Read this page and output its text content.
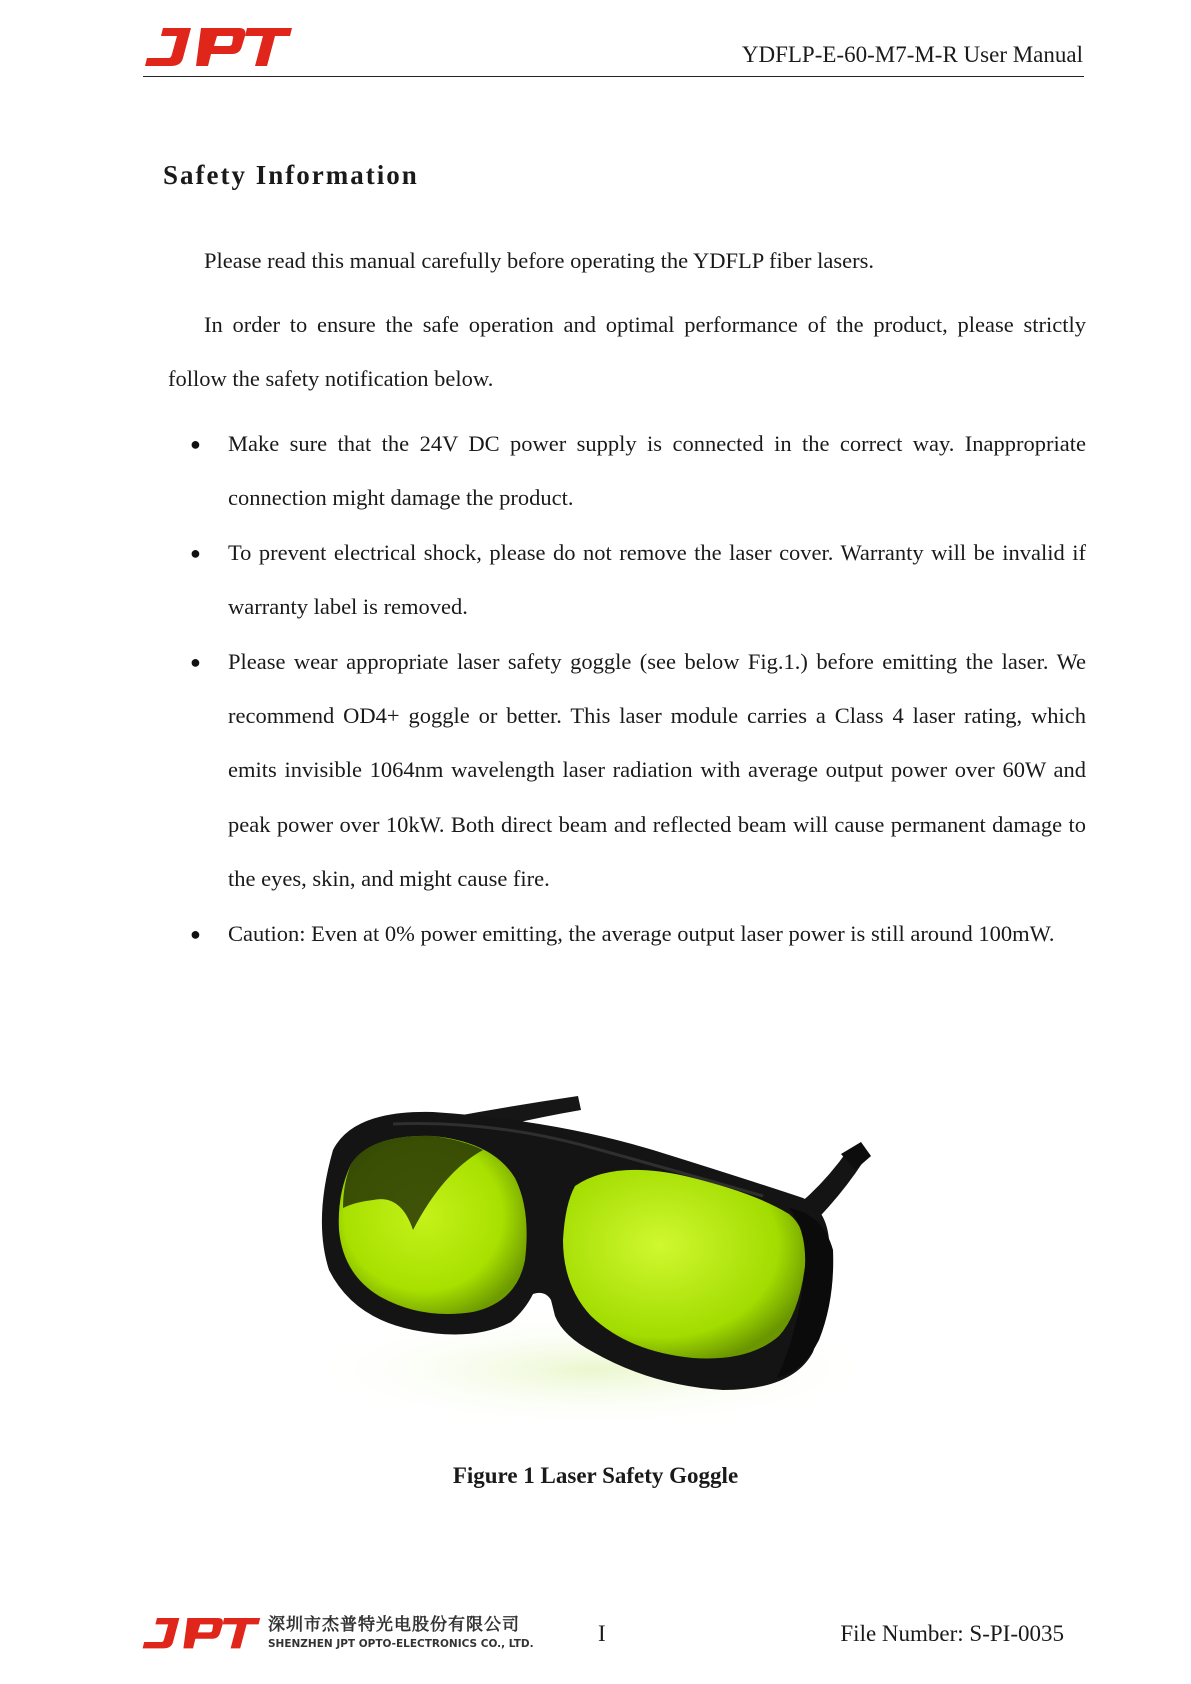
YDFLP-E-60-M7-M-R User Manual
Safety Information

Please read this manual carefully before operating the YDFLP fiber lasers.

In order to ensure the safe operation and optimal performance of the product, please strictly follow the safety notification below.

● Make sure that the 24V DC power supply is connected in the correct way. Inappropriate connection might damage the product.
● To prevent electrical shock, please do not remove the laser cover. Warranty will be invalid if warranty label is removed.
● Please wear appropriate laser safety goggle (see below Fig.1.) before emitting the laser. We recommend OD4+ goggle or better. This laser module carries a Class 4 laser rating, which emits invisible 1064nm wavelength laser radiation with average output power over 60W and peak power over 10kW. Both direct beam and reflected beam will cause permanent damage to the eyes, skin, and might cause fire.
● Caution: Even at 0% power emitting, the average output laser power is still around 100mW.
Figure 1 Laser Safety Goggle
深圳市杰普特光电股份有限公司
SHENZHEN JPT OPTO-ELECTRONICS CO., LTD.	I	File Number: S-PI-0035
